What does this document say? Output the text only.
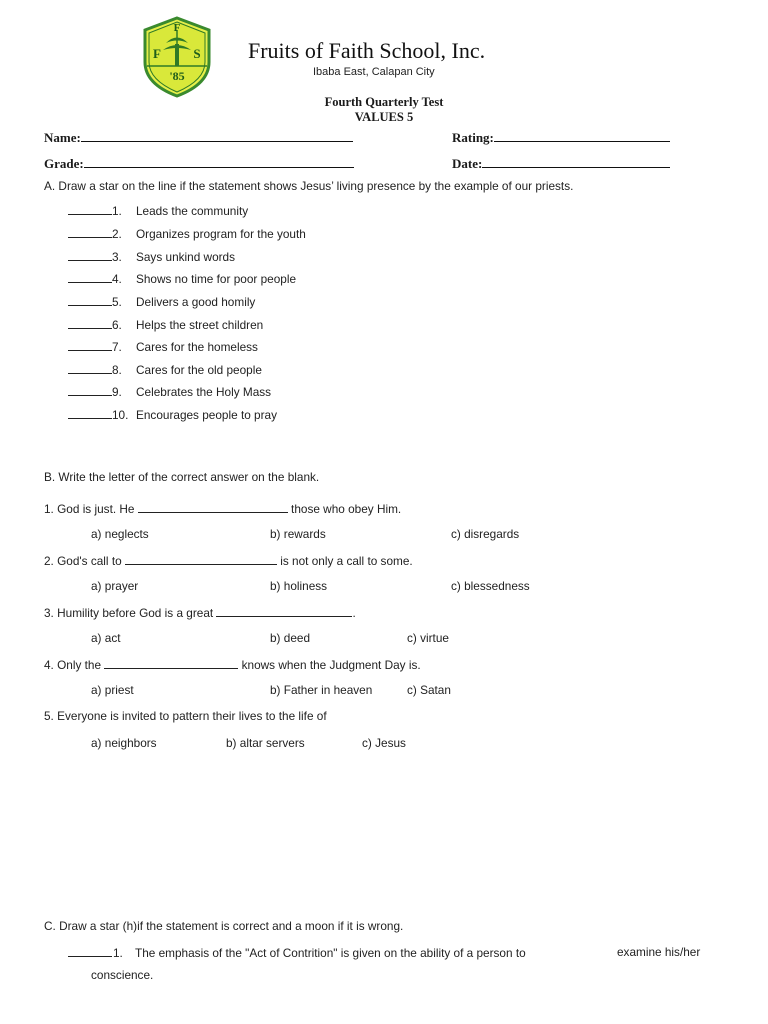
F
F S
'85
Fruits of Faith School, Inc.
Ibaba East, Calapan City
Fourth Quarterly Test
VALUES 5
Name:	Rating:
Grade:	Date:
A. Draw a star on the line if the statement shows Jesus’ living presence by the example of our priests.
1. Leads the community
2. Organizes program for the youth
3. Says unkind words
4. Shows no time for poor people
5. Delivers a good homily
6. Helps the street children
7. Cares for the homeless
8. Cares for the old people
9. Celebrates the Holy Mass
10. Encourages people to pray
B. Write the letter of the correct answer on the blank.
1. God is just. He	those who obey Him.
a) neglects	b) rewards	c) disregards
2. God's call to	is not only a call to some.
a) prayer	b) holiness	c) blessedness
3. Humility before God is a great	.
a) act	b) deed	c) virtue
4. Only the	knows when the Judgment Day is.
a) priest	b) Father in heaven	c) Satan
5. Everyone is invited to pattern their lives to the life of
a) neighbors	b) altar servers	c) Jesus
C. Draw a star (h)if the statement is correct and a moon if it is wrong.
1. The emphasis of the "Act of Contrition" is given on the ability of a person to	examine his/her
conscience.
